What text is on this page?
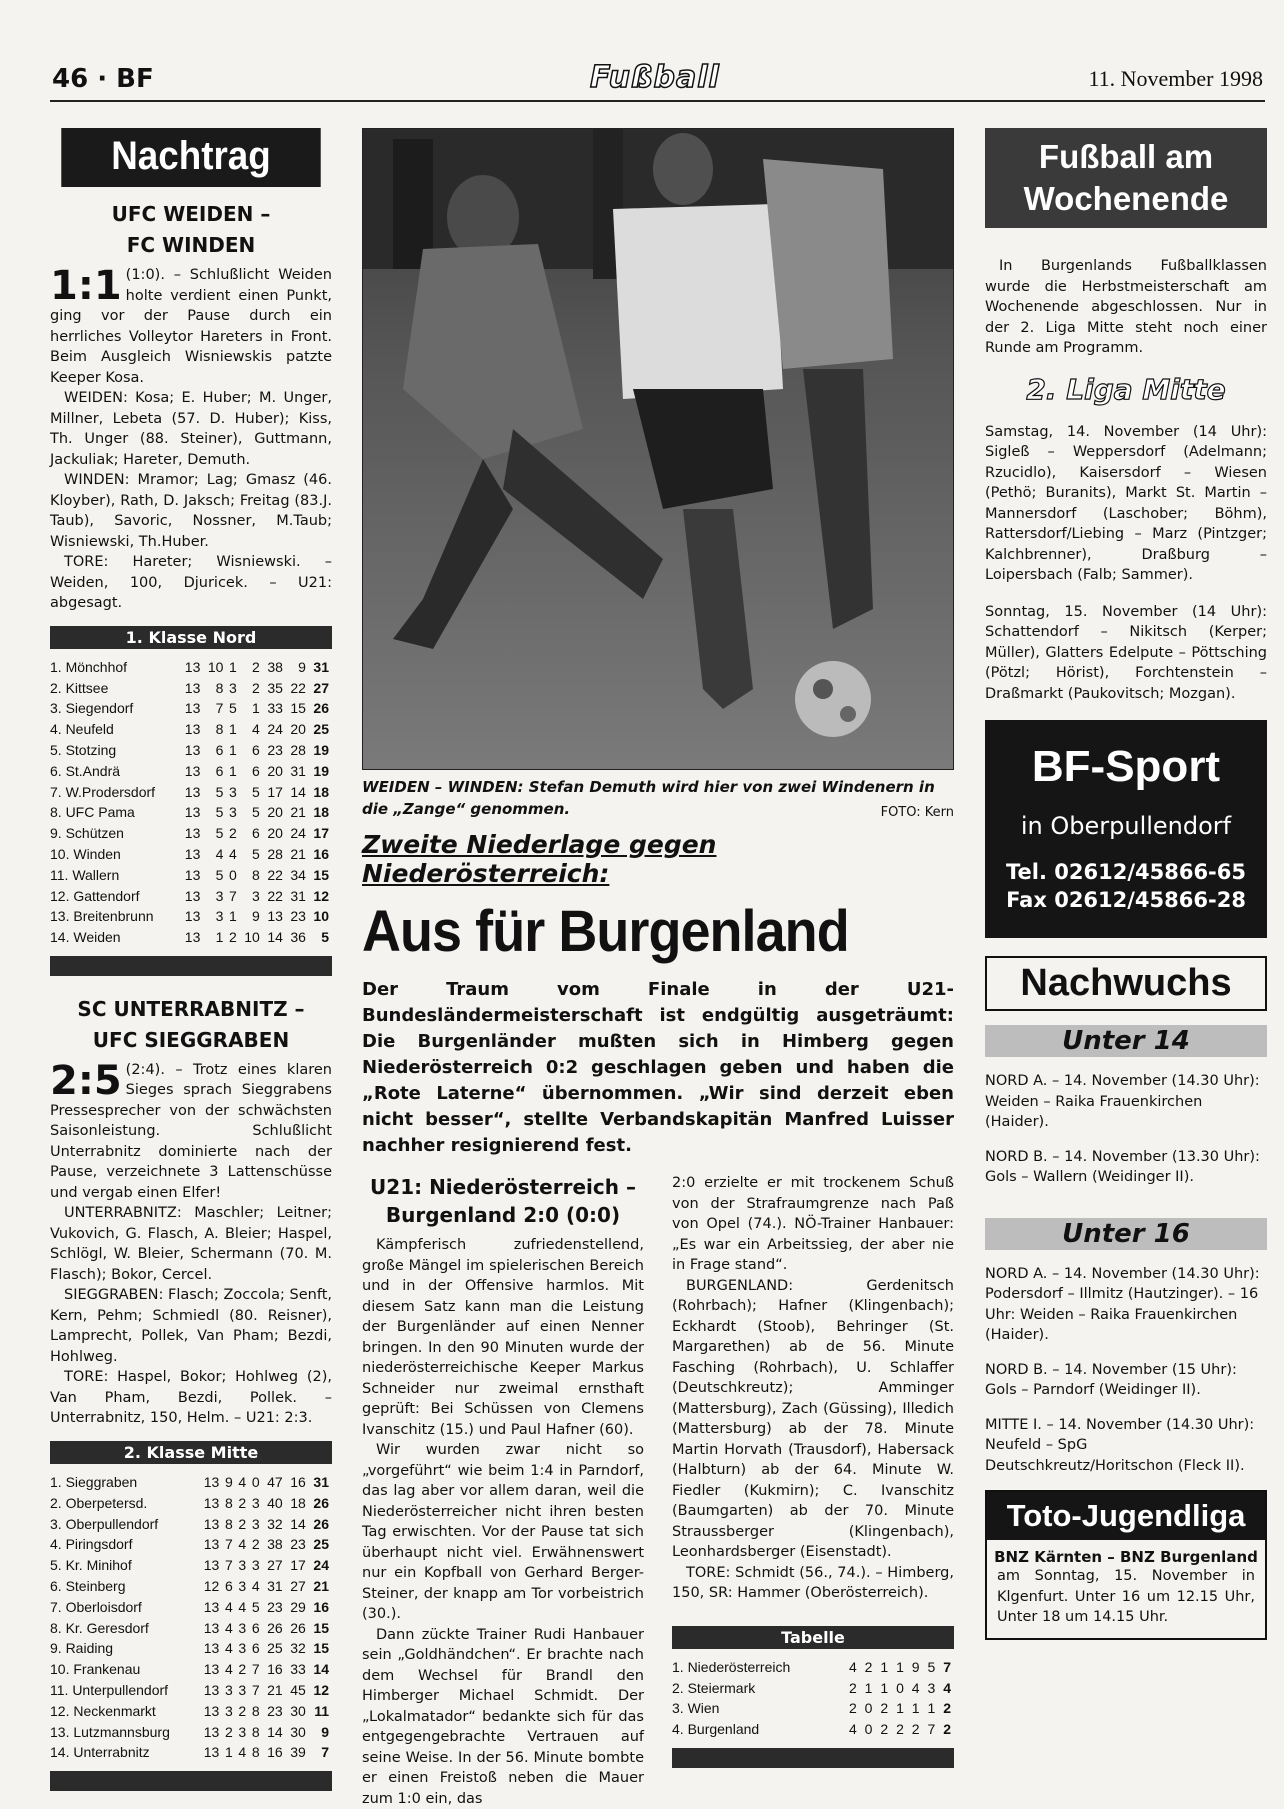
46 · BF	Fußball	11. November 1998
Nachtrag
UFC WEIDEN –
FC WINDEN
1:1 (1:0). – Schlußlicht Weiden holte verdient einen Punkt, ging vor der Pause durch ein herrliches Volleytor Hareters in Front. Beim Ausgleich Wisniewskis patzte Keeper Kosa.
WEIDEN: Kosa; E. Huber; M. Unger, Millner, Lebeta (57. D. Huber); Kiss, Th. Unger (88. Steiner), Guttmann, Jackuliak; Hareter, Demuth.
WINDEN: Mramor; Lag; Gmasz (46. Kloyber), Rath, D. Jaksch; Freitag (83.J. Taub), Savoric, Nossner, M.Taub; Wisniewski, Th.Huber.
TORE: Hareter; Wisniewski. – Weiden, 100, Djuricek. – U21: abgesagt.
1. Klasse Nord
1. Mönchhof	13	10	1	2	38	9	31
2. Kittsee	13	8	3	2	35	22	27
3. Siegendorf	13	7	5	1	33	15	26
4. Neufeld	13	8	1	4	24	20	25
5. Stotzing	13	6	1	6	23	28	19
6. St.Andrä	13	6	1	6	20	31	19
7. W.Prodersdorf	13	5	3	5	17	14	18
8. UFC Pama	13	5	3	5	20	21	18
9. Schützen	13	5	2	6	20	24	17
10. Winden	13	4	4	5	28	21	16
11. Wallern	13	5	0	8	22	34	15
12. Gattendorf	13	3	7	3	22	31	12
13. Breitenbrunn	13	3	1	9	13	23	10
14. Weiden	13	1	2	10	14	36	5
SC UNTERRABNITZ –
UFC SIEGGRABEN
2:5 (2:4). – Trotz eines klaren Sieges sprach Sieggrabens Pressesprecher von der schwächsten Saisonleistung. Schlußlicht Unterrabnitz dominierte nach der Pause, verzeichnete 3 Lattenschüsse und vergab einen Elfer!
UNTERRABNITZ: Maschler; Leitner; Vukovich, G. Flasch, A. Bleier; Haspel, Schlögl, W. Bleier, Schermann (70. M. Flasch); Bokor, Cercel.
SIEGGRABEN: Flasch; Zoccola; Senft, Kern, Pehm; Schmiedl (80. Reisner), Lamprecht, Pollek, Van Pham; Bezdi, Hohlweg.
TORE: Haspel, Bokor; Hohlweg (2), Van Pham, Bezdi, Pollek. – Unterrabnitz, 150, Helm. – U21: 2:3.
2. Klasse Mitte
1. Sieggraben	13	9	4	0	47	16	31
2. Oberpetersd.	13	8	2	3	40	18	26
3. Oberpullendorf	13	8	2	3	32	14	26
4. Piringsdorf	13	7	4	2	38	23	25
5. Kr. Minihof	13	7	3	3	27	17	24
6. Steinberg	12	6	3	4	31	27	21
7. Oberloisdorf	13	4	4	5	23	29	16
8. Kr. Geresdorf	13	4	3	6	26	26	15
9. Raiding	13	4	3	6	25	32	15
10. Frankenau	13	4	2	7	16	33	14
11. Unterpullendorf	13	3	3	7	21	45	12
12. Neckenmarkt	13	3	2	8	23	30	11
13. Lutzmannsburg	13	2	3	8	14	30	9
14. Unterrabnitz	13	1	4	8	16	39	7
WEIDEN – WINDEN: Stefan Demuth wird hier von zwei Windenern in die „Zange“ genommen.	FOTO: Kern
Zweite Niederlage gegen Niederösterreich:
Aus für Burgenland
Der Traum vom Finale in der U21-Bundesländermeisterschaft ist endgültig ausgeträumt: Die Burgenländer mußten sich in Himberg gegen Niederösterreich 0:2 geschlagen geben und haben die „Rote Laterne“ übernommen. „Wir sind derzeit eben nicht besser“, stellte Verbandskapitän Manfred Luisser nachher resignierend fest.
U21: Niederösterreich –
Burgenland 2:0 (0:0)
Kämpferisch zufriedenstellend, große Mängel im spielerischen Bereich und in der Offensive harmlos. Mit diesem Satz kann man die Leistung der Burgenländer auf einen Nenner bringen. In den 90 Minuten wurde der niederösterreichische Keeper Markus Schneider nur zweimal ernsthaft geprüft: Bei Schüssen von Clemens Ivanschitz (15.) und Paul Hafner (60).
Wir wurden zwar nicht so „vorgeführt“ wie beim 1:4 in Parndorf, das lag aber vor allem daran, weil die Niederösterreicher nicht ihren besten Tag erwischten. Vor der Pause tat sich überhaupt nicht viel. Erwähnenswert nur ein Kopfball von Gerhard Berger-Steiner, der knapp am Tor vorbeistrich (30.).
Dann zückte Trainer Rudi Hanbauer sein „Goldhändchen“. Er brachte nach dem Wechsel für Brandl den Himberger Michael Schmidt. Der „Lokalmatador“ bedankte sich für das entgegengebrachte Vertrauen auf seine Weise. In der 56. Minute bombte er einen Freistoß neben die Mauer zum 1:0 ein, das
2:0 erzielte er mit trockenem Schuß von der Strafraumgrenze nach Paß von Opel (74.). NÖ-Trainer Hanbauer: „Es war ein Arbeitssieg, der aber nie in Frage stand“.
BURGENLAND: Gerdenitsch (Rohrbach); Hafner (Klingenbach); Eckhardt (Stoob), Behringer (St. Margarethen) ab de 56. Minute Fasching (Rohrbach), U. Schlaffer (Deutschkreutz); Amminger (Mattersburg), Zach (Güssing), Illedich (Mattersburg) ab der 78. Minute Martin Horvath (Trausdorf), Habersack (Halbturn) ab der 64. Minute W. Fiedler (Kukmirn); C. Ivanschitz (Baumgarten) ab der 70. Minute Straussberger (Klingenbach), Leonhardsberger (Eisenstadt).
TORE: Schmidt (56., 74.). – Himberg, 150, SR: Hammer (Oberösterreich).
Tabelle
1. Niederösterreich	4	2	1	1	9	5	7
2. Steiermark	2	1	1	0	4	3	4
3. Wien	2	0	2	1	1	1	2
4. Burgenland	4	0	2	2	2	7	2
Fußball am Wochenende
In Burgenlands Fußballklassen wurde die Herbstmeisterschaft am Wochenende abgeschlossen. Nur in der 2. Liga Mitte steht noch einer Runde am Programm.
2. Liga Mitte
Samstag, 14. November (14 Uhr): Sigleß – Weppersdorf (Adelmann; Rzucidlo), Kaisersdorf – Wiesen (Pethö; Buranits), Markt St. Martin – Mannersdorf (Laschober; Böhm), Rattersdorf/Liebing – Marz (Pintzger; Kalchbrenner), Draßburg – Loipersbach (Falb; Sammer).
Sonntag, 15. November (14 Uhr): Schattendorf – Nikitsch (Kerper; Müller), Glatters Edelpute – Pöttsching (Pötzl; Hörist), Forchtenstein – Draßmarkt (Paukovitsch; Mozgan).
BF-Sport
in Oberpullendorf
Tel. 02612/45866-65
Fax 02612/45866-28
Nachwuchs
Unter 14
NORD A. – 14. November (14.30 Uhr): Weiden – Raika Frauenkirchen (Haider).
NORD B. – 14. November (13.30 Uhr): Gols – Wallern (Weidinger II).
Unter 16
NORD A. – 14. November (14.30 Uhr): Podersdorf – Illmitz (Hautzinger). – 16 Uhr: Weiden – Raika Frauenkirchen (Haider).
NORD B. – 14. November (15 Uhr): Gols – Parndorf (Weidinger II).
MITTE I. – 14. November (14.30 Uhr): Neufeld – SpG Deutschkreutz/Horitschon (Fleck II).
Toto-Jugendliga
BNZ Kärnten – BNZ Burgenland
am Sonntag, 15. November in Klgenfurt. Unter 16 um 12.15 Uhr, Unter 18 um 14.15 Uhr.
